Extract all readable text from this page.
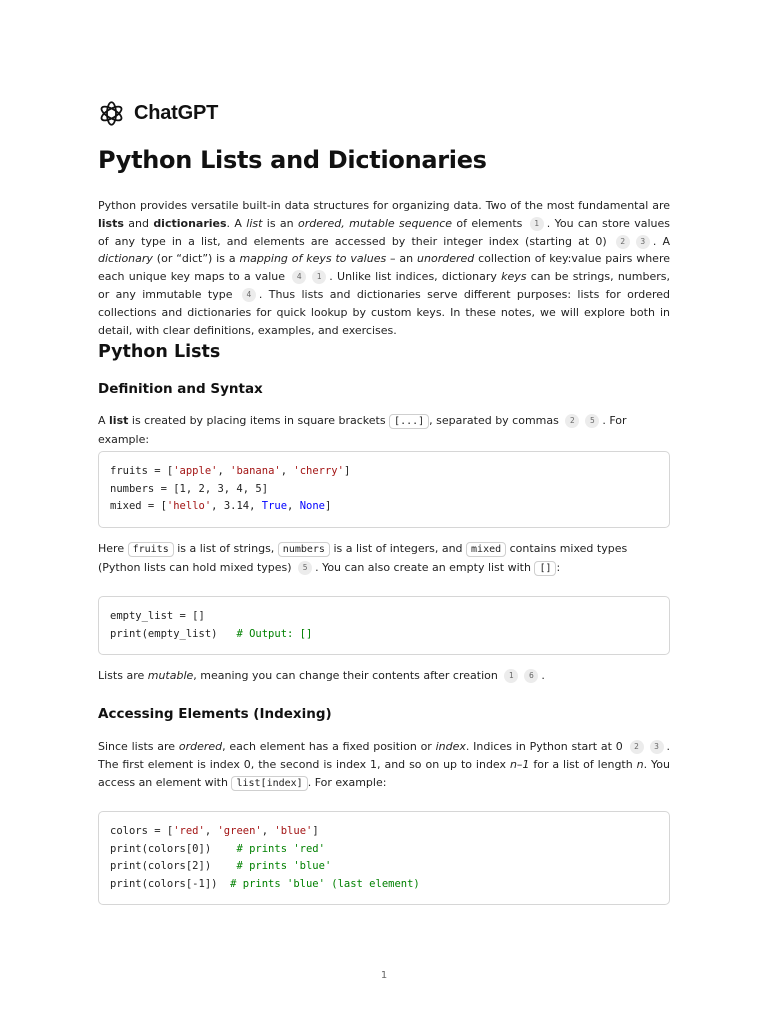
ChatGPT
Python Lists and Dictionaries

Python provides versatile built-in data structures for organizing data. Two of the most fundamental are lists and dictionaries. A list is an ordered, mutable sequence of elements 1 . You can store values of any type in a list, and elements are accessed by their integer index (starting at 0) 2 3 . A dictionary (or “dict”) is a mapping of keys to values – an unordered collection of key:value pairs where each unique key maps to a value 4 1 . Unlike list indices, dictionary keys can be strings, numbers, or any immutable type 4 . Thus lists and dictionaries serve different purposes: lists for ordered collections and dictionaries for quick lookup by custom keys. In these notes, we will explore both in detail, with clear definitions, examples, and exercises.

Python Lists
Definition and Syntax

A list is created by placing items in square brackets [...] , separated by commas 2 5 . For example:

fruits = ['apple', 'banana', 'cherry']
numbers = [1, 2, 3, 4, 5]
mixed = ['hello', 3.14, True, None]

Here fruits is a list of strings, numbers is a list of integers, and mixed contains mixed types (Python lists can hold mixed types) 5 . You can also create an empty list with [] :

empty_list = []
print(empty_list)   # Output: []

Lists are mutable, meaning you can change their contents after creation 1 6 .

Accessing Elements (Indexing)

Since lists are ordered, each element has a fixed position or index. Indices in Python start at 0 2 3 . The first element is index 0, the second is index 1, and so on up to index n–1 for a list of length n. You access an element with list[index] . For example:

colors = ['red', 'green', 'blue']
print(colors[0])    # prints 'red'
print(colors[2])    # prints 'blue'
print(colors[-1])  # prints 'blue' (last element)
1
